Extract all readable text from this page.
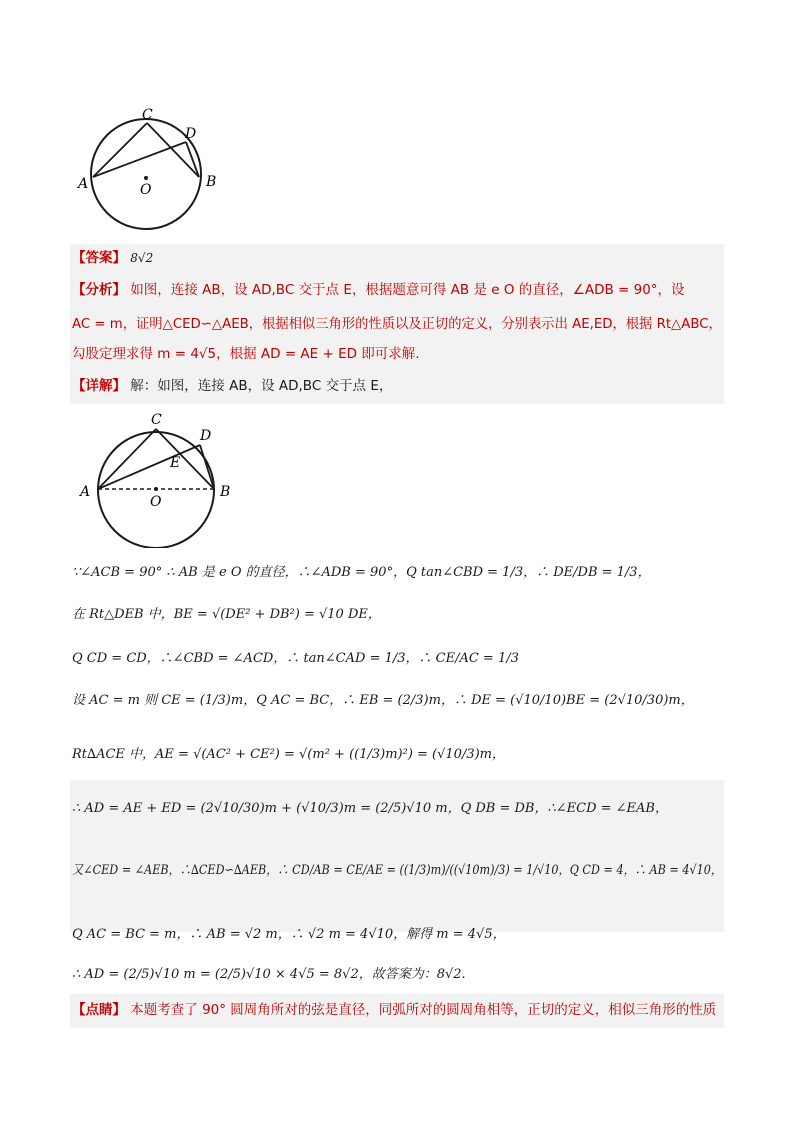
C
D
A	B
O
【答案】 8√2
【分析】 如图，连接 AB，设 AD,BC 交于点 E，根据题意可得 AB 是 e O 的直径，∠ADB = 90°，设
AC = m，证明△CED∽△AEB，根据相似三角形的性质以及正切的定义，分别表示出 AE,ED，根据 Rt△ABC，
勾股定理求得 m = 4√5，根据 AD = AE + ED 即可求解.
【详解】 解：如图，连接 AB，设 AD,BC 交于点 E，
C
D
E
A	B
O
∵∠ACB = 90° ∴ AB 是 e O 的直径，∴∠ADB = 90°，Q tan∠CBD = 1/3，∴ DE/DB = 1/3，
在 Rt△DEB 中，BE = √(DE² + DB²) = √10 DE，
Q CD = CD，∴∠CBD = ∠ACD，∴ tan∠CAD = 1/3，∴ CE/AC = 1/3
设 AC = m 则 CE = (1/3)m，Q AC = BC，∴ EB = (2/3)m，∴ DE = (√10/10)BE = (2√10/30)m，
Rt∆ACE 中，AE = √(AC² + CE²) = √(m² + ((1/3)m)²) = (√10/3)m，
∴ AD = AE + ED = (2√10/30)m + (√10/3)m = (2/5)√10 m，Q DB = DB，∴∠ECD = ∠EAB，
又∠CED = ∠AEB，∴∆CED∽∆AEB，∴ CD/AB = CE/AE = ((1/3)m)/((√10m)/3) = 1/√10，Q CD = 4，∴ AB = 4√10，
Q AC = BC = m，∴ AB = √2 m，∴ √2 m = 4√10，解得 m = 4√5，
∴ AD = (2/5)√10 m = (2/5)√10 × 4√5 = 8√2，故答案为：8√2.
【点睛】 本题考查了 90° 圆周角所对的弦是直径，同弧所对的圆周角相等，正切的定义，相似三角形的性质
